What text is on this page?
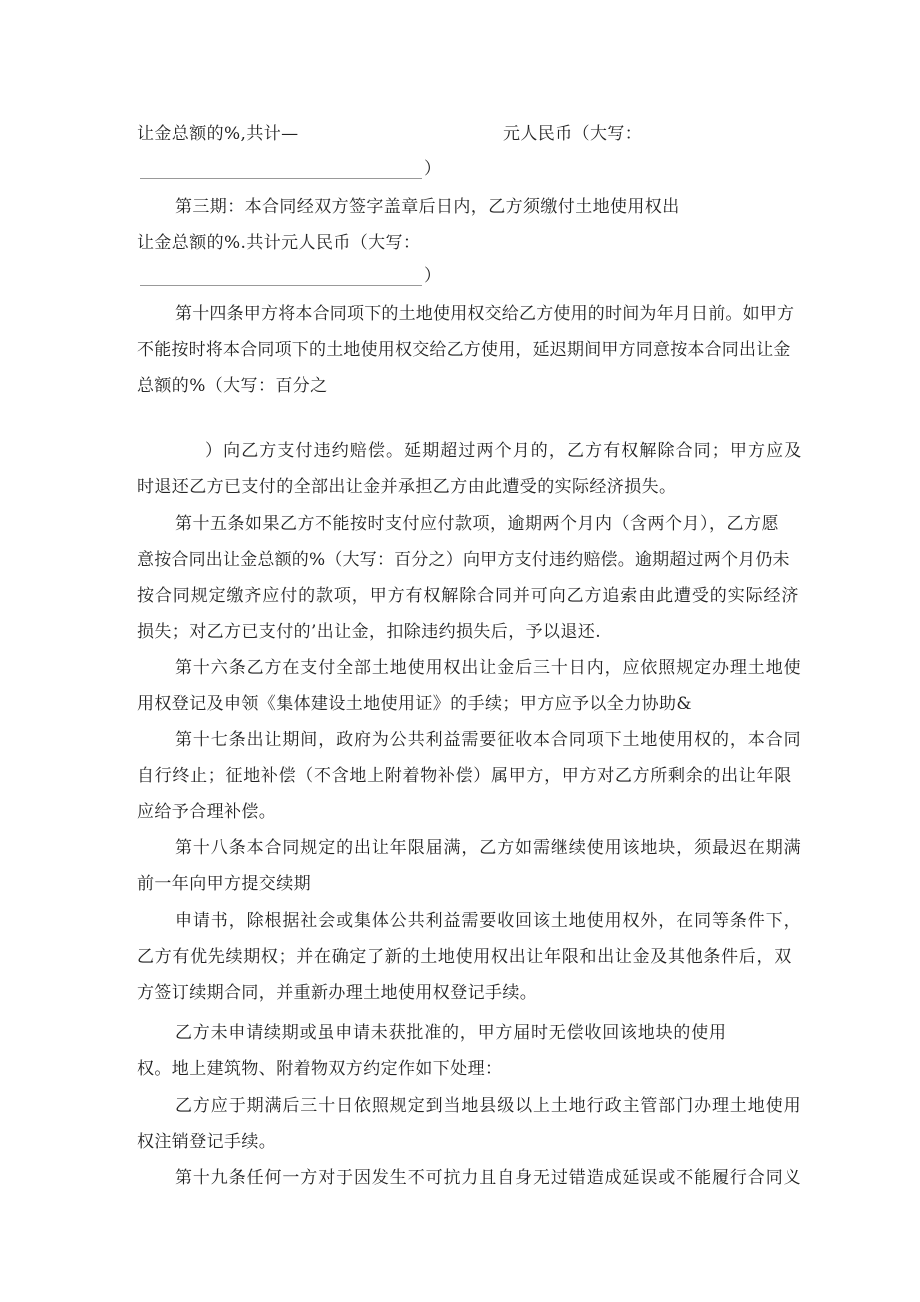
让金总额的%,共计—	元人民币（大写：
）
第三期：本合同经双方签字盖章后日内，乙方须缴付土地使用权出
让金总额的%.共计元人民币（大写：
）
第十四条甲方将本合同项下的土地使用权交给乙方使用的时间为年月日前。如甲方
不能按时将本合同项下的土地使用权交给乙方使用，延迟期间甲方同意按本合同出让金
总额的%（大写：百分之
）向乙方支付违约赔偿。延期超过两个月的，乙方有权解除合同；甲方应及
时退还乙方已支付的全部出让金并承担乙方由此遭受的实际经济损失。
第十五条如果乙方不能按时支付应付款项，逾期两个月内（含两个月），乙方愿
意按合同出让金总额的%（大写：百分之）向甲方支付违约赔偿。逾期超过两个月仍未
按合同规定缴齐应付的款项，甲方有权解除合同并可向乙方追索由此遭受的实际经济
损失；对乙方已支付的’出让金，扣除违约损失后，予以退还.
第十六条乙方在支付全部土地使用权出让金后三十日内，应依照规定办理土地使
用权登记及申领《集体建设土地使用证》的手续；甲方应予以全力协助&
第十七条出让期间，政府为公共利益需要征收本合同项下土地使用权的，本合同
自行终止；征地补偿（不含地上附着物补偿）属甲方，甲方对乙方所剩余的出让年限
应给予合理补偿。
第十八条本合同规定的出让年限届满，乙方如需继续使用该地块，须最迟在期满
前一年向甲方提交续期
申请书，除根据社会或集体公共利益需要收回该土地使用权外，在同等条件下，
乙方有优先续期权；并在确定了新的土地使用权出让年限和出让金及其他条件后，双
方签订续期合同，并重新办理土地使用权登记手续。
乙方未申请续期或虽申请未获批准的，甲方届时无偿收回该地块的使用
权。地上建筑物、附着物双方约定作如下处理：
乙方应于期满后三十日依照规定到当地县级以上土地行政主管部门办理土地使用
权注销登记手续。
第十九条任何一方对于因发生不可抗力且自身无过错造成延误或不能履行合同义
